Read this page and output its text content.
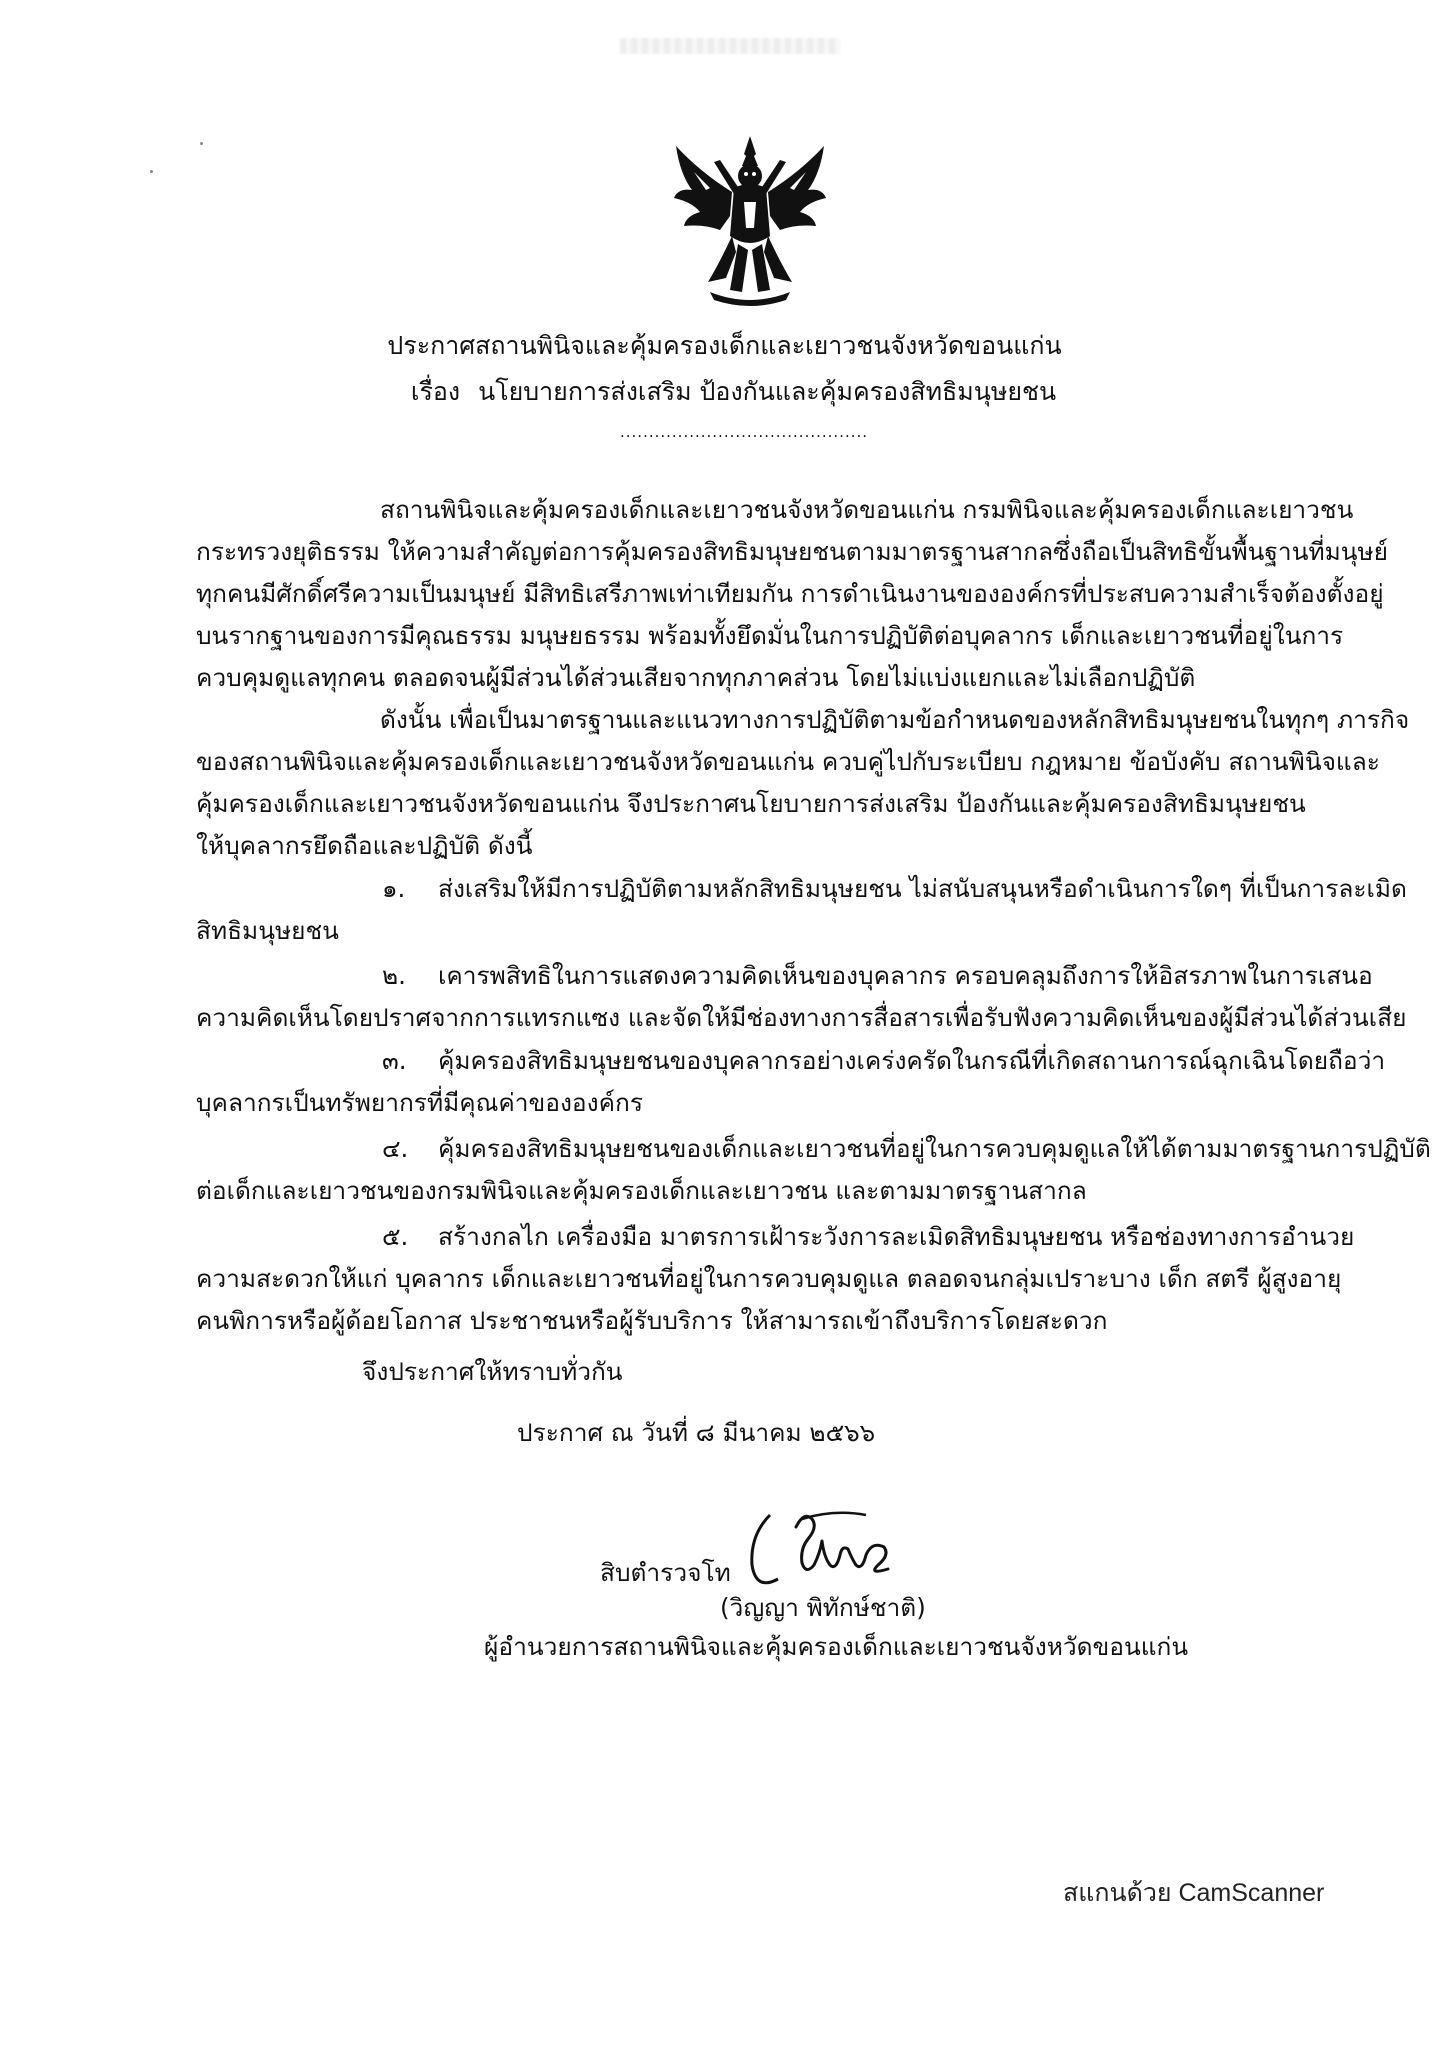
ประกาศสถานพินิจและคุ้มครองเด็กและเยาวชนจังหวัดขอนแก่น
เรื่อง นโยบายการส่งเสริม ป้องกันและคุ้มครองสิทธิมนุษยชน
...........................................
สถานพินิจและคุ้มครองเด็กและเยาวชนจังหวัดขอนแก่น กรมพินิจและคุ้มครองเด็กและเยาวชน
กระทรวงยุติธรรม ให้ความสำคัญต่อการคุ้มครองสิทธิมนุษยชนตามมาตรฐานสากลซึ่งถือเป็นสิทธิขั้นพื้นฐานที่มนุษย์
ทุกคนมีศักดิ์ศรีความเป็นมนุษย์ มีสิทธิเสรีภาพเท่าเทียมกัน การดำเนินงานขององค์กรที่ประสบความสำเร็จต้องตั้งอยู่
บนรากฐานของการมีคุณธรรม มนุษยธรรม พร้อมทั้งยึดมั่นในการปฏิบัติต่อบุคลากร เด็กและเยาวชนที่อยู่ในการ
ควบคุมดูแลทุกคน ตลอดจนผู้มีส่วนได้ส่วนเสียจากทุกภาคส่วน โดยไม่แบ่งแยกและไม่เลือกปฏิบัติ
ดังนั้น เพื่อเป็นมาตรฐานและแนวทางการปฏิบัติตามข้อกำหนดของหลักสิทธิมนุษยชนในทุกๆ ภารกิจ
ของสถานพินิจและคุ้มครองเด็กและเยาวชนจังหวัดขอนแก่น ควบคู่ไปกับระเบียบ กฎหมาย ข้อบังคับ สถานพินิจและ
คุ้มครองเด็กและเยาวชนจังหวัดขอนแก่น จึงประกาศนโยบายการส่งเสริม ป้องกันและคุ้มครองสิทธิมนุษยชน
ให้บุคลากรยึดถือและปฏิบัติ ดังนี้
๑. ส่งเสริมให้มีการปฏิบัติตามหลักสิทธิมนุษยชน ไม่สนับสนุนหรือดำเนินการใดๆ ที่เป็นการละเมิด
สิทธิมนุษยชน
๒. เคารพสิทธิในการแสดงความคิดเห็นของบุคลากร ครอบคลุมถึงการให้อิสรภาพในการเสนอ
ความคิดเห็นโดยปราศจากการแทรกแซง และจัดให้มีช่องทางการสื่อสารเพื่อรับฟังความคิดเห็นของผู้มีส่วนได้ส่วนเสีย
๓. คุ้มครองสิทธิมนุษยชนของบุคลากรอย่างเคร่งครัดในกรณีที่เกิดสถานการณ์ฉุกเฉินโดยถือว่า
บุคลากรเป็นทรัพยากรที่มีคุณค่าขององค์กร
๔. คุ้มครองสิทธิมนุษยชนของเด็กและเยาวชนที่อยู่ในการควบคุมดูแลให้ได้ตามมาตรฐานการปฏิบัติ
ต่อเด็กและเยาวชนของกรมพินิจและคุ้มครองเด็กและเยาวชน และตามมาตรฐานสากล
๕. สร้างกลไก เครื่องมือ มาตรการเฝ้าระวังการละเมิดสิทธิมนุษยชน หรือช่องทางการอำนวย
ความสะดวกให้แก่ บุคลากร เด็กและเยาวชนที่อยู่ในการควบคุมดูแล ตลอดจนกลุ่มเปราะบาง เด็ก สตรี ผู้สูงอายุ
คนพิการหรือผู้ด้อยโอกาส ประชาชนหรือผู้รับบริการ ให้สามารถเข้าถึงบริการโดยสะดวก
จึงประกาศให้ทราบทั่วกัน
ประกาศ ณ วันที่ ๘ มีนาคม ๒๕๖๖
สิบตำรวจโท
(วิญญา พิทักษ์ชาติ)
ผู้อำนวยการสถานพินิจและคุ้มครองเด็กและเยาวชนจังหวัดขอนแก่น
สแกนด้วย CamScanner
